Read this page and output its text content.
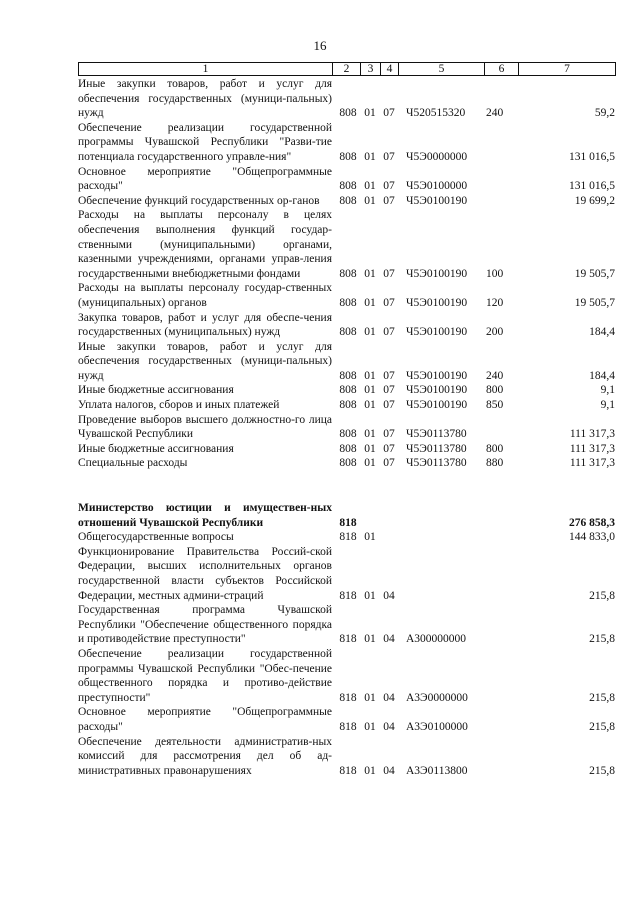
16
1	2	3	4	5	6	7
Иные закупки товаров, работ и услуг для обеспечения государственных (муници-пальных) нужд	808 01 07 Ч520515320	240	59,2
Обеспечение реализации государственной программы Чувашской Республики "Разви-тие потенциала государственного управле-ния"	808 01 07 Ч5Э0000000	131 016,5
Основное мероприятие "Общепрограммные расходы"	808 01 07 Ч5Э0100000	131 016,5
Обеспечение функций государственных ор-ганов	808 01 07 Ч5Э0100190	19 699,2
Расходы на выплаты персоналу в целях обеспечения выполнения функций государ-ственными (муниципальными) органами, казенными учреждениями, органами управ-ления государственными внебюджетными фондами	808 01 07 Ч5Э0100190	100	19 505,7
Расходы на выплаты персоналу государ-ственных (муниципальных) органов	808 01 07 Ч5Э0100190	120	19 505,7
Закупка товаров, работ и услуг для обеспе-чения государственных (муниципальных) нужд	808 01 07 Ч5Э0100190	200	184,4
Иные закупки товаров, работ и услуг для обеспечения государственных (муници-пальных) нужд	808 01 07 Ч5Э0100190	240	184,4
Иные бюджетные ассигнования	808 01 07 Ч5Э0100190	800	9,1
Уплата налогов, сборов и иных платежей	808 01 07 Ч5Э0100190	850	9,1
Проведение выборов высшего должностно-го лица Чувашской Республики	808 01 07 Ч5Э0113780	111 317,3
Иные бюджетные ассигнования	808 01 07 Ч5Э0113780	800	111 317,3
Специальные расходы	808 01 07 Ч5Э0113780	880	111 317,3
Министерство юстиции и имуществен-ных отношений Чувашской Республики	818	276 858,3
Общегосударственные вопросы	818 01	144 833,0
Функционирование Правительства Россий-ской Федерации, высших исполнительных органов государственной власти субъектов Российской Федерации, местных админи-страций	818 01 04	215,8
Государственная программа Чувашской Республики "Обеспечение общественного порядка и противодействие преступности"	818 01 04 А300000000	215,8
Обеспечение реализации государственной программы Чувашской Республики "Обес-печение общественного порядка и противо-действие преступности"	818 01 04 А3Э0000000	215,8
Основное мероприятие "Общепрограммные расходы"	818 01 04 А3Э0100000	215,8
Обеспечение деятельности административ-ных комиссий для рассмотрения дел об ад-министративных правонарушениях	818 01 04 А3Э0113800	215,8
